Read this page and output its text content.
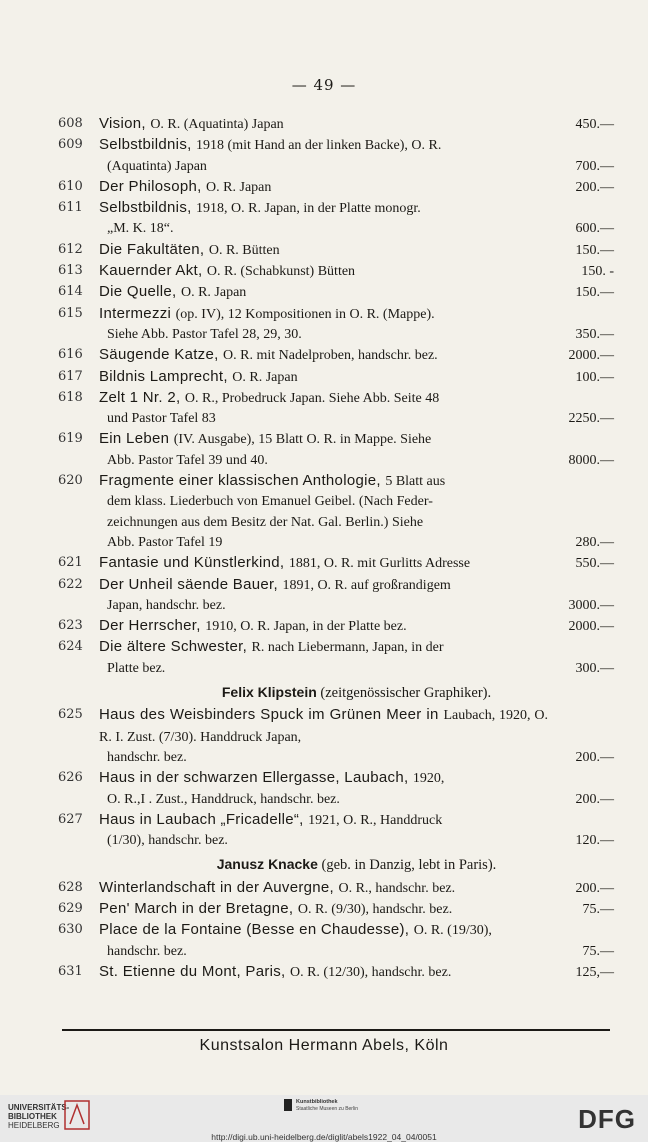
— 49 —
608	Vision, O. R. (Aquatinta) Japan	450.—
609	Selbstbildnis, 1918 (mit Hand an der linken Backe), O. R.
(Aquatinta) Japan	700.—
610	Der Philosoph, O. R. Japan	200.—
611	Selbstbildnis, 1918, O. R. Japan, in der Platte monogr.
„M. K. 18“.	600.—
612	Die Fakultäten, O. R. Bütten	150.—
613	Kauernder Akt, O. R. (Schabkunst) Bütten	150. -
614	Die Quelle, O. R. Japan	150.—
615	Intermezzi (op. IV), 12 Kompositionen in O. R. (Mappe).
Siehe Abb. Pastor Tafel 28, 29, 30.	350.—
616	Säugende Katze, O. R. mit Nadelproben, handschr. bez.	2000.—
617	Bildnis Lamprecht, O. R. Japan	100.—
618	Zelt 1 Nr. 2, O. R., Probedruck Japan. Siehe Abb. Seite 48
und Pastor Tafel 83	2250.—
619	Ein Leben (IV. Ausgabe), 15 Blatt O. R. in Mappe. Siehe
Abb. Pastor Tafel 39 und 40.	8000.—
620	Fragmente einer klassischen Anthologie, 5 Blatt aus
dem klass. Liederbuch von Emanuel Geibel. (Nach Feder-
zeichnungen aus dem Besitz der Nat. Gal. Berlin.) Siehe
Abb. Pastor Tafel 19	280.—
621	Fantasie und Künstlerkind, 1881, O. R. mit Gurlitts Adresse	550.—
622	Der Unheil säende Bauer, 1891, O. R. auf großrandigem
Japan, handschr. bez.	3000.—
623	Der Herrscher, 1910, O. R. Japan, in der Platte bez.	2000.—
624	Die ältere Schwester, R. nach Liebermann, Japan, in der
Platte bez.	300.—
Felix Klipstein (zeitgenössischer Graphiker).
625	Haus des Weisbinders Spuck im Grünen Meer in Laubach, 1920, O. R. I. Zust. (7/30). Handdruck Japan,
handschr. bez.	200.—
626	Haus in der schwarzen Ellergasse, Laubach, 1920,
O. R.,I . Zust., Handdruck, handschr. bez.	200.—
627	Haus in Laubach „Fricadelle“, 1921, O. R., Handdruck
(1/30), handschr. bez.	120.—
Janusz Knacke (geb. in Danzig, lebt in Paris).
628	Winterlandschaft in der Auvergne, O. R., handschr. bez.	200.—
629	Pen' March in der Bretagne, O. R. (9/30), handschr. bez.	75.—
630	Place de la Fontaine (Besse en Chaudesse), O. R. (19/30),
handschr. bez.	75.—
631	St. Etienne du Mont, Paris, O. R. (12/30), handschr. bez.	125,—
Kunstsalon Hermann Abels, Köln
UNIVERSITÄTS-
BIBLIOTHEK
HEIDELBERG
Kunstbibliothek
Staatliche Museen zu Berlin	DFG
http://digi.ub.uni-heidelberg.de/diglit/abels1922_04_04/0051
